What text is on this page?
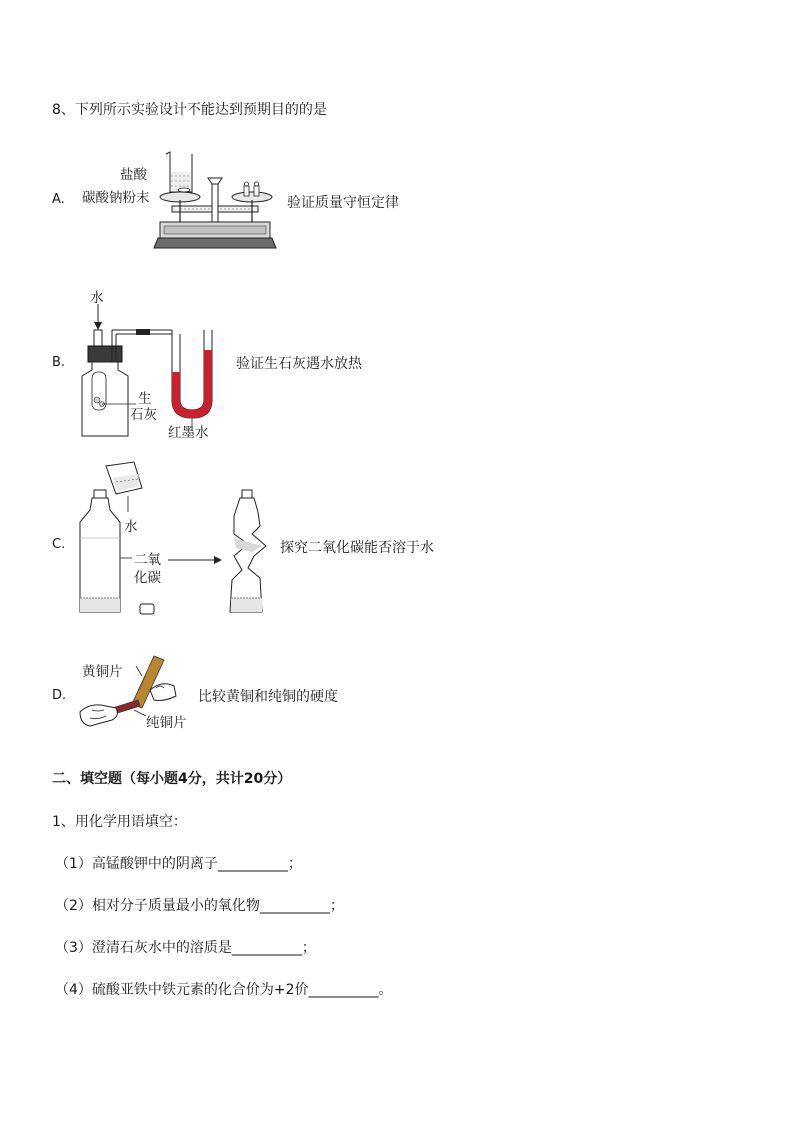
8、下列所示实验设计不能达到预期目的的是
A.
盐酸
碳酸钠粉末	验证质量守恒定律
B.
水
生
石灰
红墨水
验证生石灰遇水放热
C.
水
二氧
化碳
探究二氧化碳能否溶于水
D.
黄铜片
纯铜片
比较黄铜和纯铜的硬度
二、填空题（每小题4分，共计20分）
1、用化学用语填空：
（1）高锰酸钾中的阴离子__________；
（2）相对分子质量最小的氧化物__________；
（3）澄清石灰水中的溶质是__________；
（4）硫酸亚铁中铁元素的化合价为+2价__________。
